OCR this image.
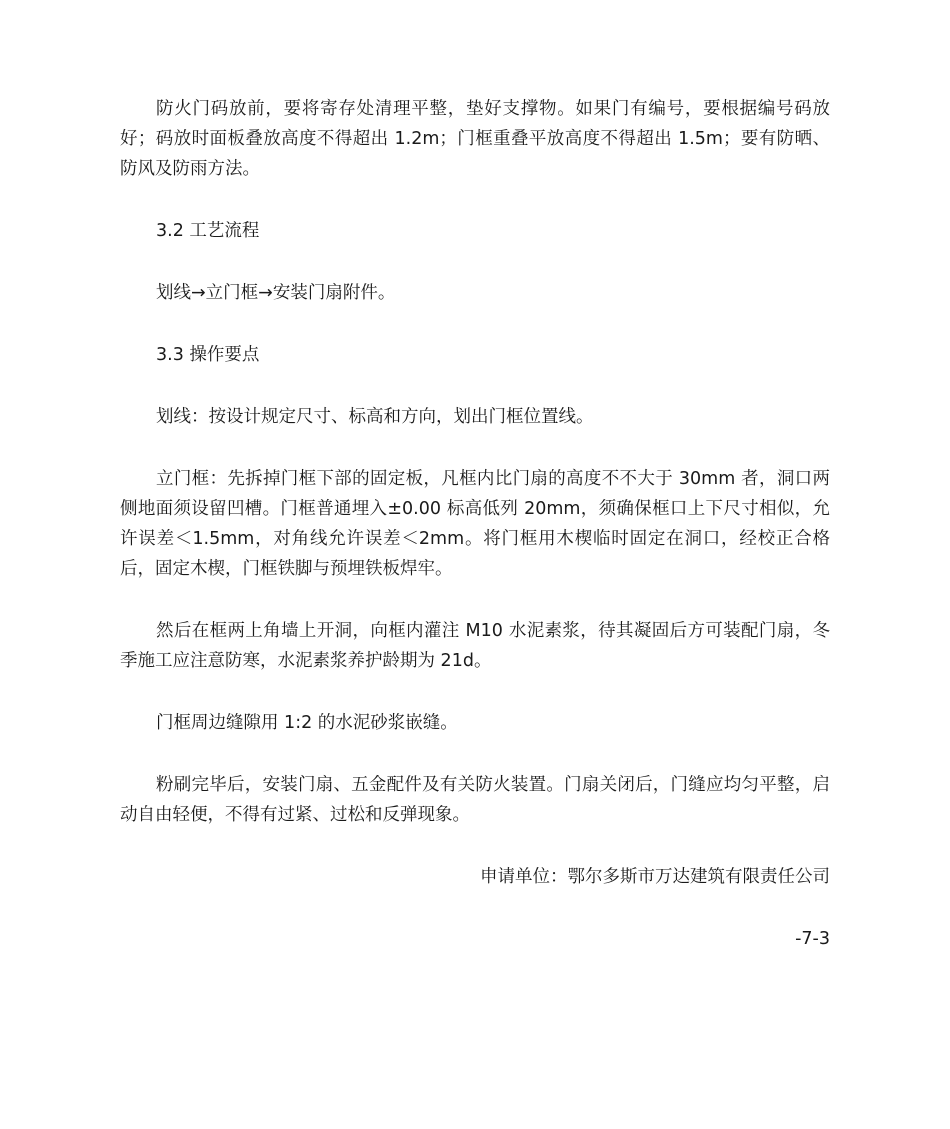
防火门码放前，要将寄存处清理平整，垫好支撑物。如果门有编号，要根据编号码放好；码放时面板叠放高度不得超出 1.2m；门框重叠平放高度不得超出 1.5m；要有防晒、防风及防雨方法。

3.2 工艺流程

划线→立门框→安装门扇附件。

3.3 操作要点

划线：按设计规定尺寸、标高和方向，划出门框位置线。

立门框：先拆掉门框下部的固定板，凡框内比门扇的高度不不大于 30mm 者，洞口两侧地面须设留凹槽。门框普通埋入±0.00 标高低列 20mm，须确保框口上下尺寸相似，允许误差＜1.5mm，对角线允许误差＜2mm。将门框用木楔临时固定在洞口，经校正合格后，固定木楔，门框铁脚与预埋铁板焊牢。

然后在框两上角墙上开洞，向框内灌注 M10 水泥素浆，待其凝固后方可装配门扇，冬季施工应注意防寒，水泥素浆养护龄期为 21d。

门框周边缝隙用 1:2 的水泥砂浆嵌缝。

粉刷完毕后，安装门扇、五金配件及有关防火装置。门扇关闭后，门缝应均匀平整，启动自由轻便，不得有过紧、过松和反弹现象。

申请单位：鄂尔多斯市万达建筑有限责任公司

-7-3
